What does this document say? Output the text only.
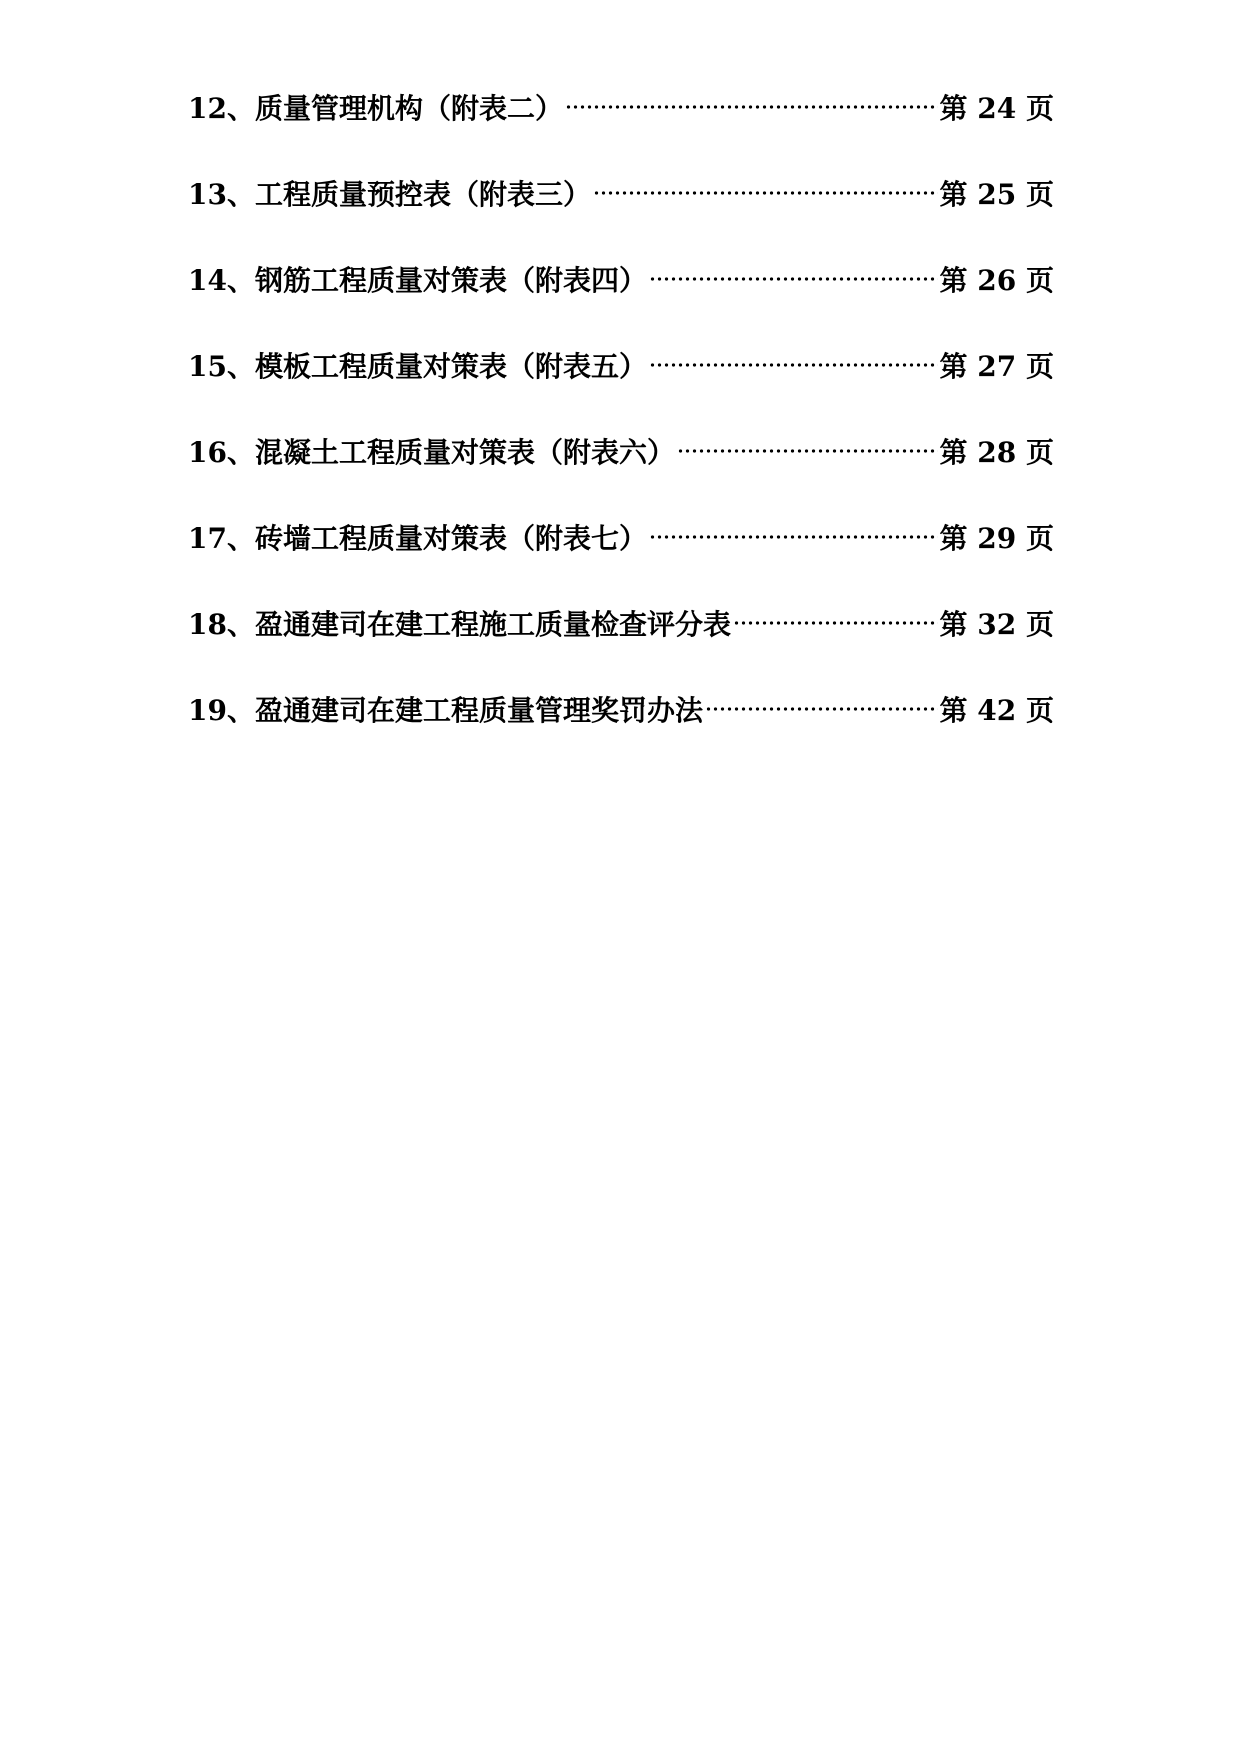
12、 质量管理机构（附表二）	第 24 页
13、 工程质量预控表（附表三）	第 25 页
14、 钢筋工程质量对策表（附表四）	第 26 页
15、 模板工程质量对策表（附表五）	第 27 页
16、 混凝土工程质量对策表（附表六）	第 28 页
17、 砖墙工程质量对策表（附表七）	第 29 页
18、 盈通建司在建工程施工质量检查评分表	第 32 页
19、 盈通建司在建工程质量管理奖罚办法	第 42 页
